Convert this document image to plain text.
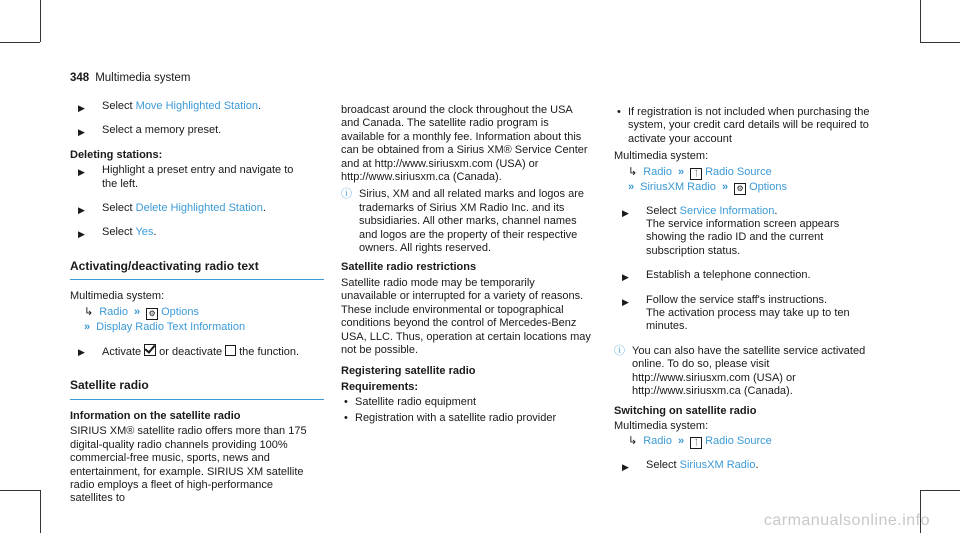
348 Multimedia system
▶ Select Move Highlighted Station.
▶ Select a memory preset.

Deleting stations:

▶ Highlight a preset entry and navigate to the left.
▶ Select Delete Highlighted Station.
▶ Select Yes.
Activating/deactivating radio text

Multimedia system:

↳ Radio » ⚙ Options
» Display Radio Text Information
▶ Activate or deactivate the function.
Satellite radio

Information on the satellite radio

SIRIUS XM® satellite radio offers more than 175 digital-quality radio channels providing 100% commercial-free music, sports, news and entertainment, for example. SIRIUS XM satellite radio employs a fleet of high-performance satellites to

broadcast around the clock throughout the USA and Canada. The satellite radio program is available for a monthly fee. Information about this can be obtained from a Sirius XM® Service Center and at http://www.siriusxm.com (USA) or http://www.siriusxm.ca (Canada).

ⓘ Sirius, XM and all related marks and logos are trademarks of Sirius XM Radio Inc. and its subsidiaries. All other marks, channel names and logos are the property of their respective owners. All rights reserved.

Satellite radio restrictions

Satellite radio mode may be temporarily unavailable or interrupted for a variety of reasons. These include environmental or topographical conditions beyond the control of Mercedes-Benz USA, LLC. Thus, operation at certain locations may not be possible.

Registering satellite radio

Requirements:

• Satellite radio equipment
• Registration with a satellite radio provider
• If registration is not included when purchasing the system, your credit card details will be required to activate your account

Multimedia system:

↳ Radio » ᛙ Radio Source
» SiriusXM Radio » ⚙ Options
▶ Select Service Information.
The service information screen appears showing the radio ID and the current subscription status.
▶ Establish a telephone connection.
▶ Follow the service staff's instructions.
The activation process may take up to ten minutes.
ⓘ You can also have the satellite service activated online. To do so, please visit http://www.siriusxm.com (USA) or http://www.siriusxm.ca (Canada).

Switching on satellite radio

Multimedia system:

↳ Radio » ᛙ Radio Source
▶ Select SiriusXM Radio.
carmanualsonline.info
